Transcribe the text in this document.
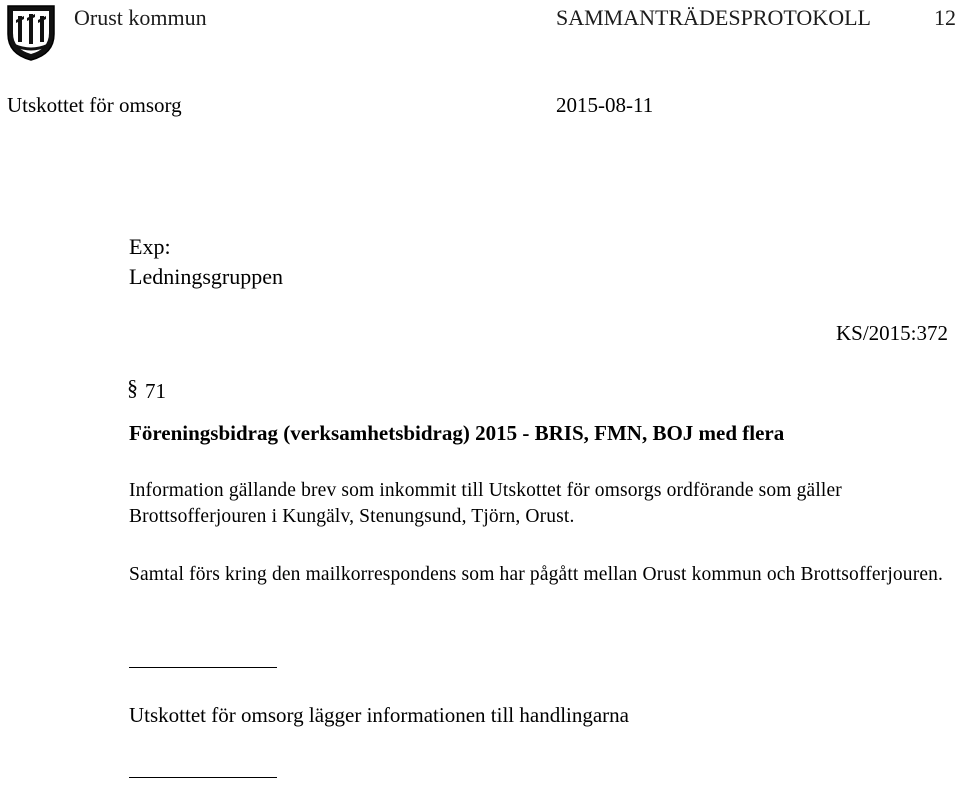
Orust kommun	SAMMANTRÄDESPROTOKOLL	12
Utskottet för omsorg	2015-08-11
Exp:
Ledningsgruppen
KS/2015:372
§ 71
Föreningsbidrag (verksamhetsbidrag) 2015 - BRIS, FMN, BOJ med flera
Information gällande brev som inkommit till Utskottet för omsorgs ordförande som gäller Brottsofferjouren i Kungälv, Stenungsund, Tjörn, Orust.
Samtal förs kring den mailkorrespondens som har pågått mellan Orust kommun och Brottsofferjouren.
Utskottet för omsorg lägger informationen till handlingarna
